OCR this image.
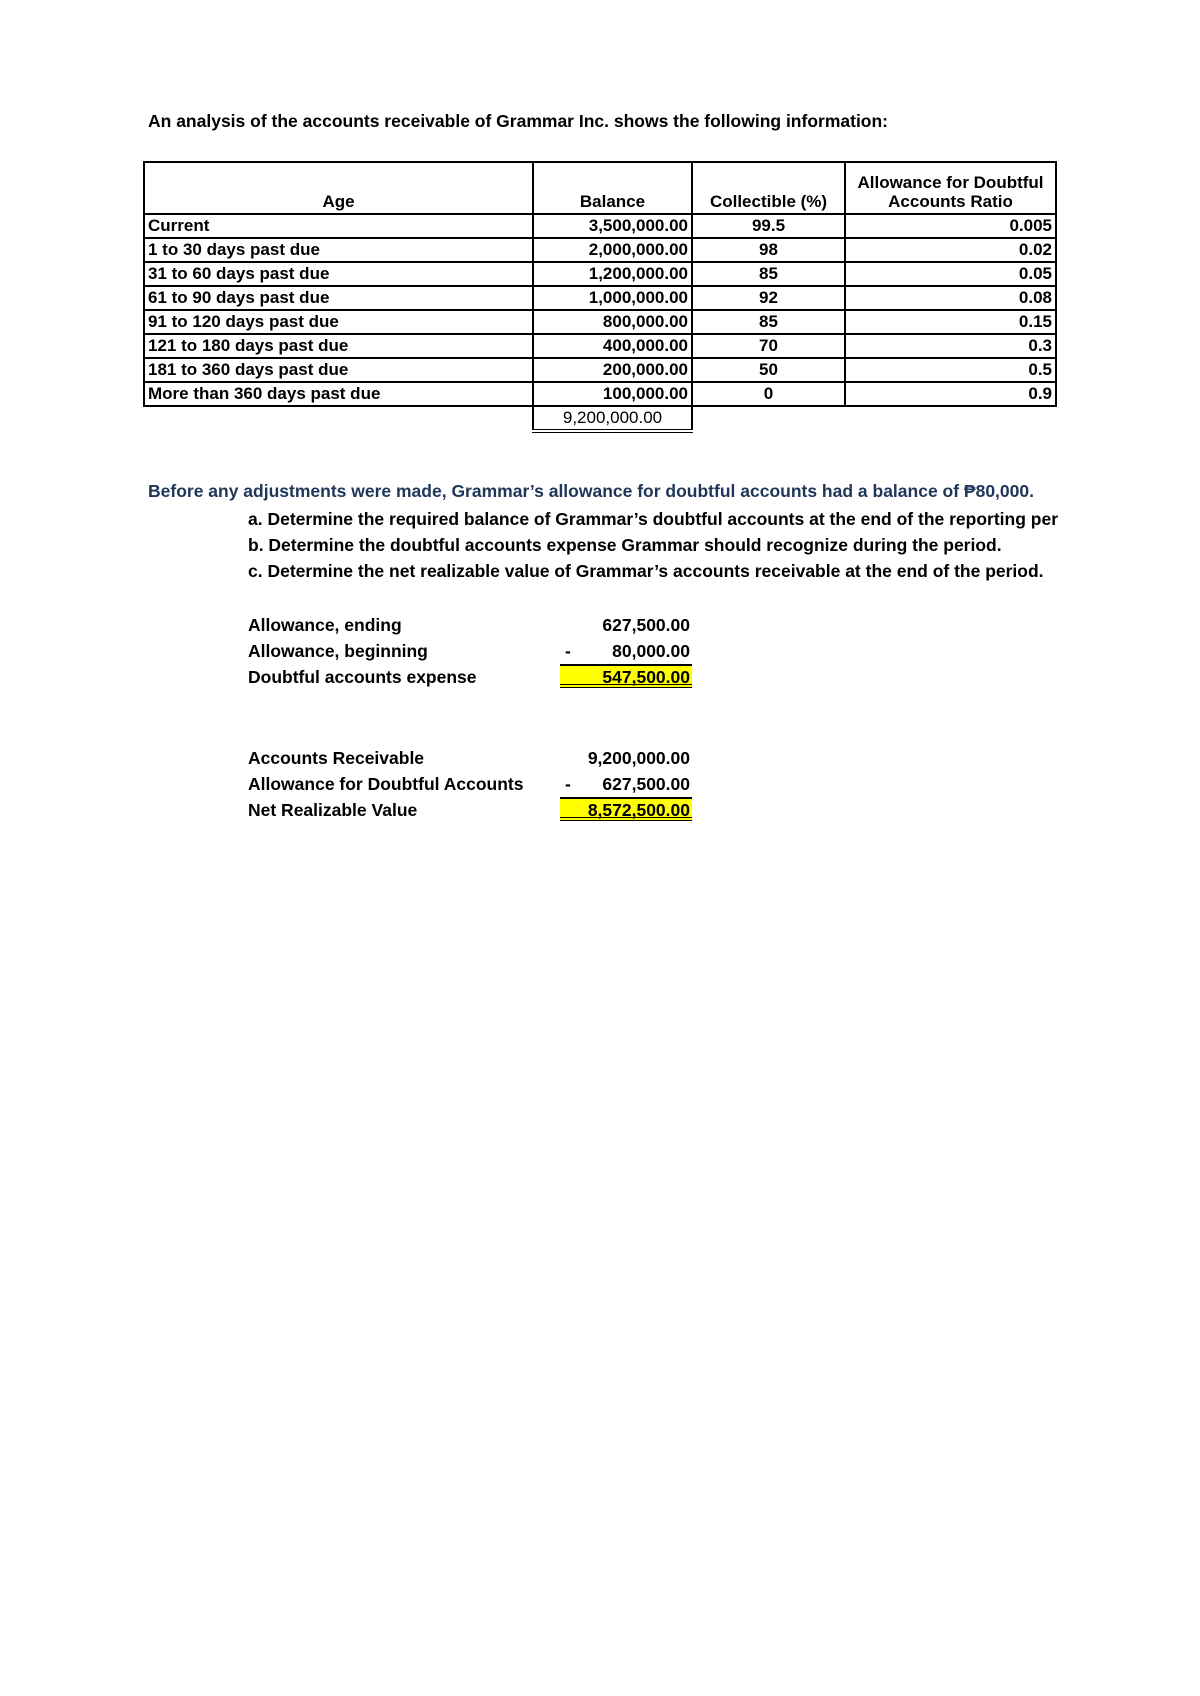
An analysis of the accounts receivable of Grammar Inc. shows the following information:
Age	Balance	Collectible (%)	Allowance for Doubtful
Accounts Ratio

Current	3,500,000.00	99.5	0.005
1 to 30 days past due	2,000,000.00	98	0.02
31 to 60 days past due	1,200,000.00	85	0.05
61 to 90 days past due	1,000,000.00	92	0.08
91 to 120 days past due	800,000.00	85	0.15
121 to 180 days past due	400,000.00	70	0.3
181 to 360 days past due	200,000.00	50	0.5
More than 360 days past due	100,000.00	0	0.9
	9,200,000.00		
Before any adjustments were made, Grammar’s allowance for doubtful accounts had a balance of ₱80,000.
a. Determine the required balance of Grammar’s doubtful accounts at the end of the reporting per
b. Determine the doubtful accounts expense Grammar should recognize during the period.
c. Determine the net realizable value of Grammar’s accounts receivable at the end of the period.
Allowance, ending	627,500.00
Allowance, beginning	-	80,000.00
Doubtful accounts expense	547,500.00
Accounts Receivable	9,200,000.00
Allowance for Doubtful Accounts -	627,500.00
Net Realizable Value	8,572,500.00
